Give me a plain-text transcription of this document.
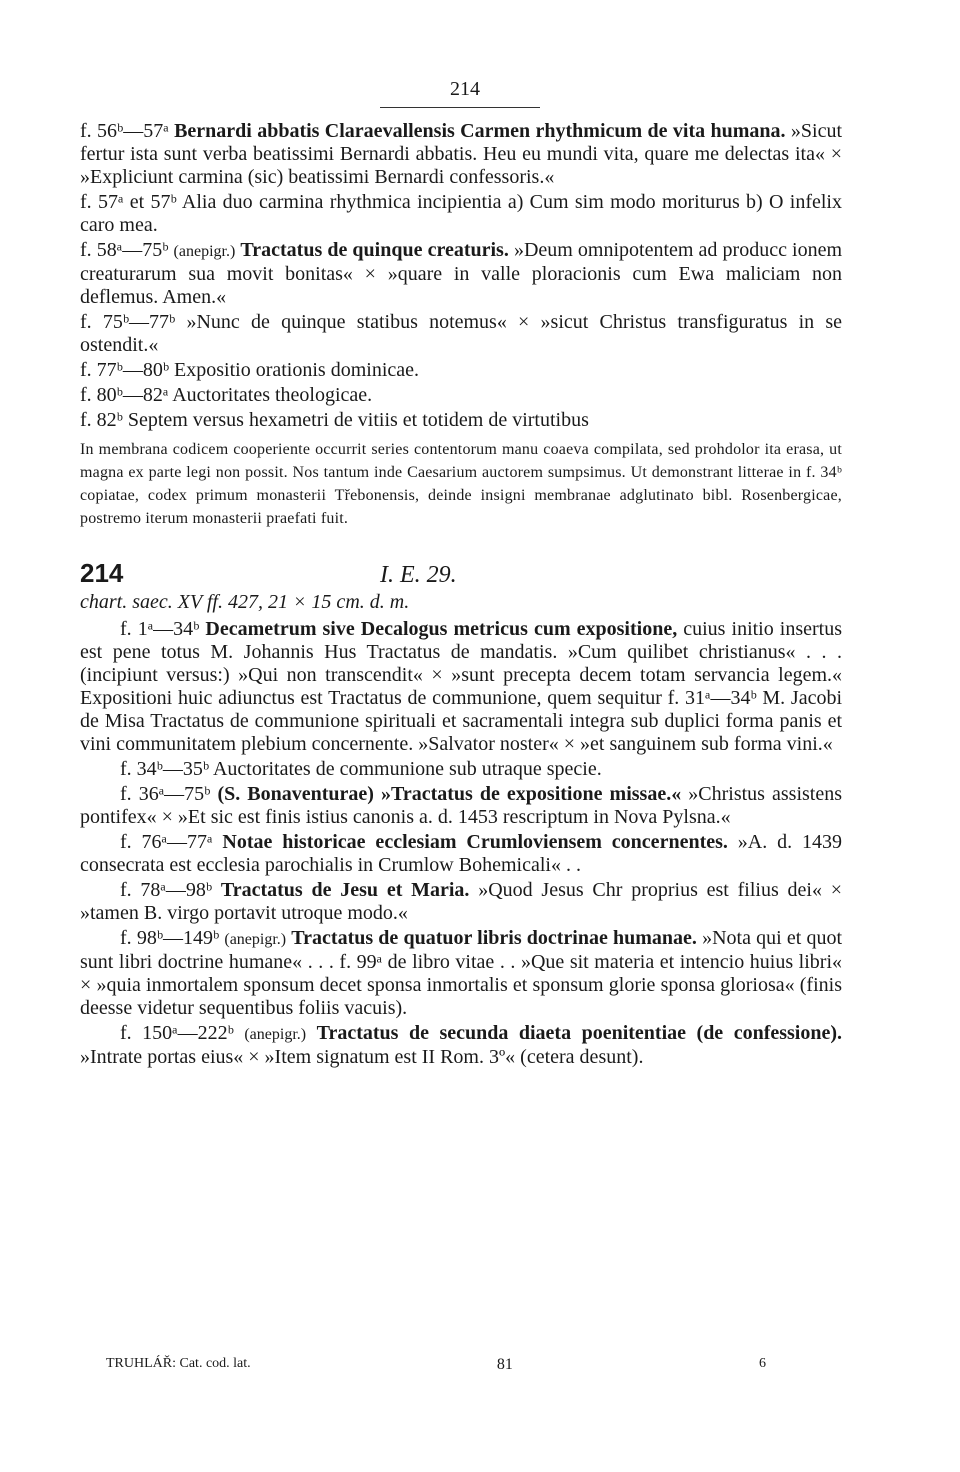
214

f. 56ᵇ—57ᵃ Bernardi abbatis Claraevallensis Carmen rhythmicum de vita humana. »Sicut fertur ista sunt verba beatissimi Bernardi abbatis. Heu eu mundi vita, quare me delectas ita« × »Expliciunt carmina (sic) beatissimi Bernardi confessoris.«

f. 57ᵃ et 57ᵇ Alia duo carmina rhythmica incipientia a) Cum sim modo moriturus b) O infelix caro mea.

f. 58ᵃ—75ᵇ (anepigr.) Tractatus de quinque creaturis. »Deum omnipotentem ad producc ionem creaturarum sua movit bonitas« × »quare in valle ploracionis cum Ewa maliciam non deflemus. Amen.«

f. 75ᵇ—77ᵇ »Nunc de quinque statibus notemus« × »sicut Christus transfiguratus in se ostendit.«

f. 77ᵇ—80ᵇ Expositio orationis dominicae.

f. 80ᵇ—82ᵃ Auctoritates theologicae.

f. 82ᵇ Septem versus hexametri de vitiis et totidem de virtutibus

In membrana codicem cooperiente occurrit series contentorum manu coaeva compilata, sed prohdolor ita erasa, ut magna ex parte legi non possit. Nos tantum inde Caesarium auctorem sumpsimus. Ut demonstrant litterae in f. 34ᵇ copiatae, codex primum monasterii Třebonensis, deinde insigni membranae adglutinato bibl. Rosenbergicae, postremo iterum monasterii praefati fuit.

214	I. E. 29.
chart. saec. XV ff. 427, 21 × 15 cm. d. m.

f. 1ᵃ—34ᵇ Decametrum sive Decalogus metricus cum expositione, cuius initio insertus est pene totus M. Johannis Hus Tractatus de mandatis. »Cum quilibet christianus« . . . (incipiunt versus:) »Qui non transcendit« × »sunt precepta decem totam servancia legem.« Expositioni huic adiunctus est Tractatus de communione, quem sequitur f. 31ᵃ—34ᵇ M. Jacobi de Misa Tractatus de communione spirituali et sacramentali integra sub duplici forma panis et vini communitatem plebium concernente. »Salvator noster« × »et sanguinem sub forma vini.«

f. 34ᵇ—35ᵇ Auctoritates de communione sub utraque specie.

f. 36ᵃ—75ᵇ (S. Bonaventurae) »Tractatus de expositione missae.« »Christus assistens pontifex« × »Et sic est finis istius canonis a. d. 1453 rescriptum in Nova Pylsna.«

f. 76ᵃ—77ᵃ Notae historicae ecclesiam Crumloviensem concernentes. »A. d. 1439 consecrata est ecclesia parochialis in Crumlow Bohemicali« . .

f. 78ᵃ—98ᵇ Tractatus de Jesu et Maria. »Quod Jesus Chr proprius est filius dei« × »tamen B. virgo portavit utroque modo.«

f. 98ᵇ—149ᵇ (anepigr.) Tractatus de quatuor libris doctrinae humanae. »Nota qui et quot sunt libri doctrine humane« . . . f. 99ᵃ de libro vitae . . »Que sit materia et intencio huius libri« × »quia inmortalem sponsum decet sponsa inmortalis et sponsum glorie sponsa gloriosa« (finis deesse videtur sequentibus foliis vacuis).

f. 150ᵃ—222ᵇ (anepigr.) Tractatus de secunda diaeta poenitentiae (de confessione). »Intrate portas eius« × »Item signatum est II Rom. 3º« (cetera desunt).

TRUHLÁŘ: Cat. cod. lat.	81	6
